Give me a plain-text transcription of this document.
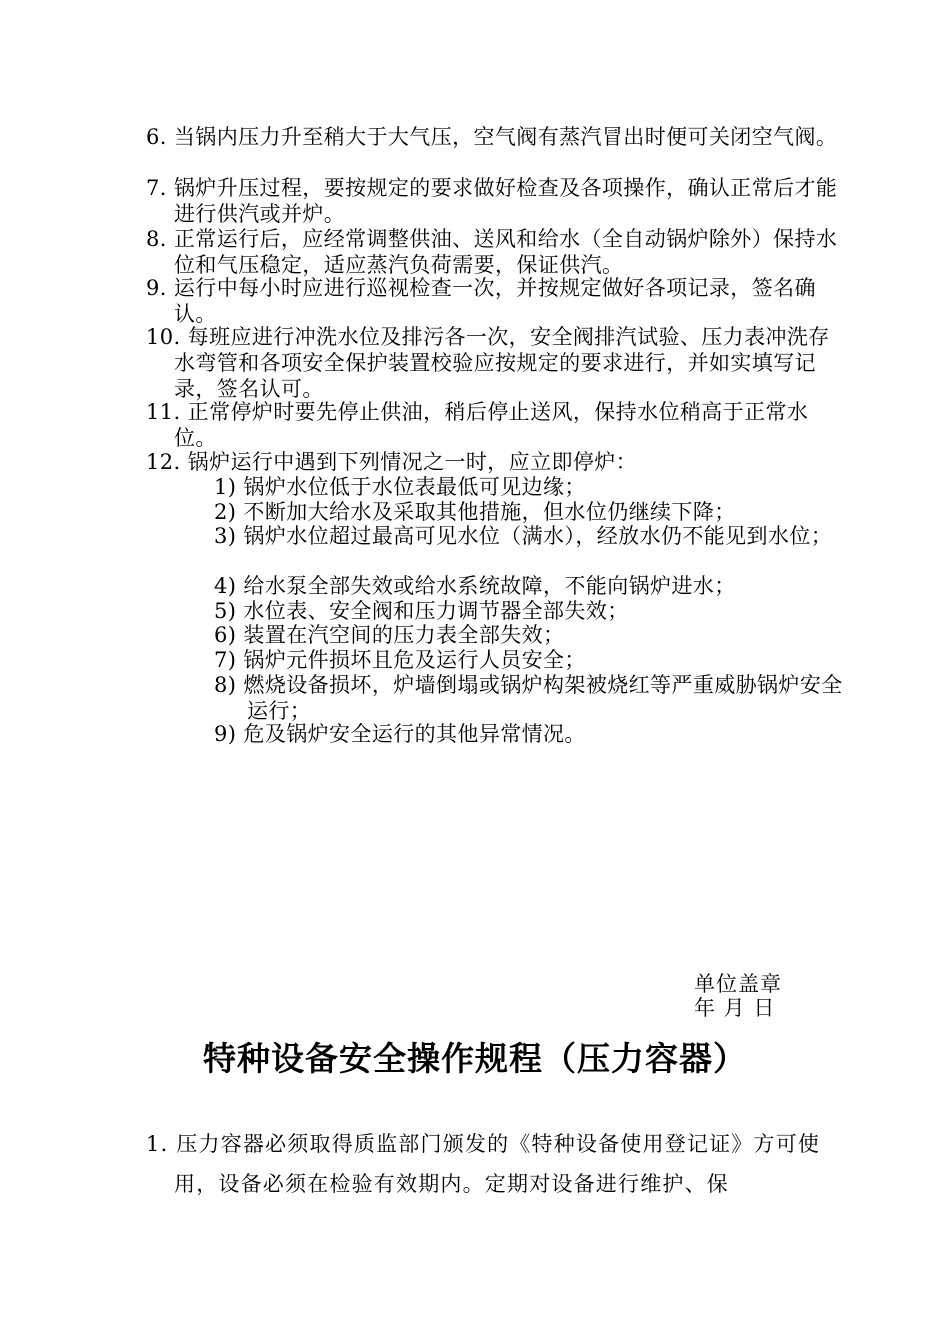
6. 当锅内压力升至稍大于大气压，空气阀有蒸汽冒出时便可关闭空气阀。
7. 锅炉升压过程，要按规定的要求做好检查及各项操作，确认正常后才能进行供汽或并炉。
8. 正常运行后，应经常调整供油、送风和给水（全自动锅炉除外）保持水位和气压稳定，适应蒸汽负荷需要，保证供汽。
9. 运行中每小时应进行巡视检查一次，并按规定做好各项记录，签名确认。
10. 每班应进行冲洗水位及排污各一次，安全阀排汽试验、压力表冲洗存水弯管和各项安全保护装置校验应按规定的要求进行，并如实填写记录，签名认可。
11. 正常停炉时要先停止供油，稍后停止送风，保持水位稍高于正常水位。
12. 锅炉运行中遇到下列情况之一时，应立即停炉：
1) 锅炉水位低于水位表最低可见边缘；
2) 不断加大给水及采取其他措施，但水位仍继续下降；
3) 锅炉水位超过最高可见水位（满水），经放水仍不能见到水位；
4) 给水泵全部失效或给水系统故障，不能向锅炉进水；
5) 水位表、安全阀和压力调节器全部失效；
6) 装置在汽空间的压力表全部失效；
7) 锅炉元件损坏且危及运行人员安全；
8) 燃烧设备损坏，炉墙倒塌或锅炉构架被烧红等严重威胁锅炉安全运行；
9) 危及锅炉安全运行的其他异常情况。
单位盖章
年 月 日
特种设备安全操作规程（压力容器）
1. 压力容器必须取得质监部门颁发的《特种设备使用登记证》方可使用，设备必须在检验有效期内。定期对设备进行维护、保
